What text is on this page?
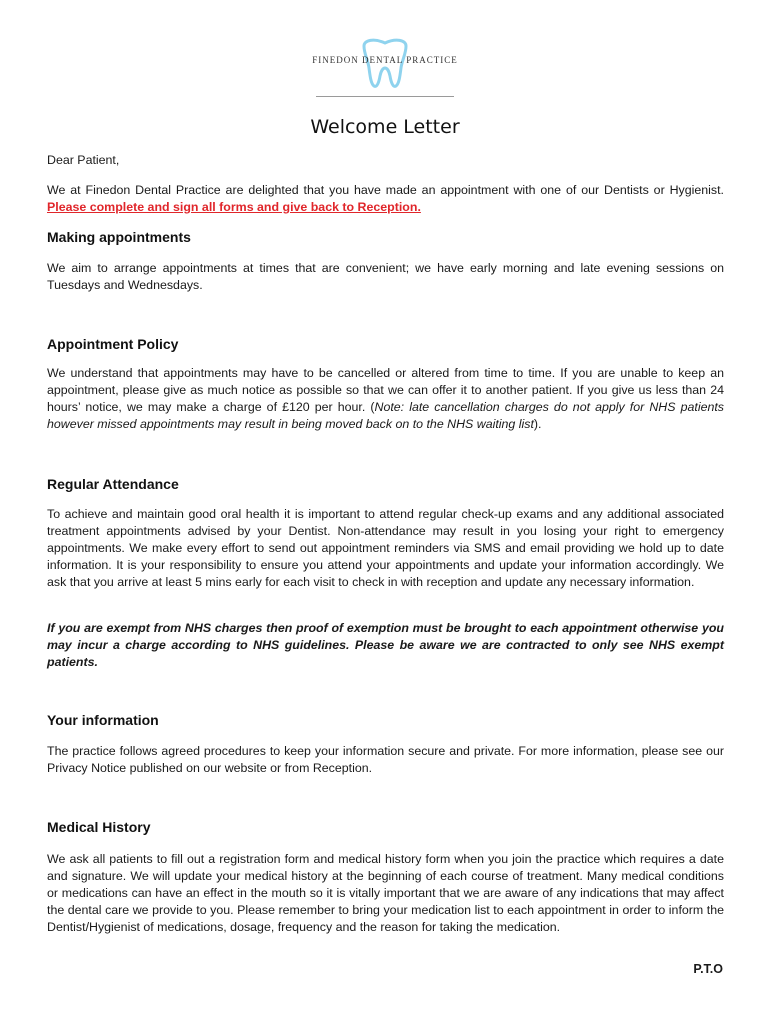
FINEDON DENTAL PRACTICE
Welcome Letter
Dear Patient,
We at Finedon Dental Practice are delighted that you have made an appointment with one of our Dentists or Hygienist. Please complete and sign all forms and give back to Reception.
Making appointments
We aim to arrange appointments at times that are convenient; we have early morning and late evening sessions on Tuesdays and Wednesdays.
Appointment Policy
We understand that appointments may have to be cancelled or altered from time to time. If you are unable to keep an appointment, please give as much notice as possible so that we can offer it to another patient. If you give us less than 24 hours’ notice, we may make a charge of £120 per hour. (Note: late cancellation charges do not apply for NHS patients however missed appointments may result in being moved back on to the NHS waiting list).
Regular Attendance
To achieve and maintain good oral health it is important to attend regular check-up exams and any additional associated treatment appointments advised by your Dentist. Non-attendance may result in you losing your right to emergency appointments. We make every effort to send out appointment reminders via SMS and email providing we hold up to date information. It is your responsibility to ensure you attend your appointments and update your information accordingly. We ask that you arrive at least 5 mins early for each visit to check in with reception and update any necessary information.
If you are exempt from NHS charges then proof of exemption must be brought to each appointment otherwise you may incur a charge according to NHS guidelines. Please be aware we are contracted to only see NHS exempt patients.
Your information
The practice follows agreed procedures to keep your information secure and private. For more information, please see our Privacy Notice published on our website or from Reception.
Medical History
We ask all patients to fill out a registration form and medical history form when you join the practice which requires a date and signature. We will update your medical history at the beginning of each course of treatment. Many medical conditions or medications can have an effect in the mouth so it is vitally important that we are aware of any indications that may affect the dental care we provide to you. Please remember to bring your medication list to each appointment in order to inform the Dentist/Hygienist of medications, dosage, frequency and the reason for taking the medication.
P.T.O
